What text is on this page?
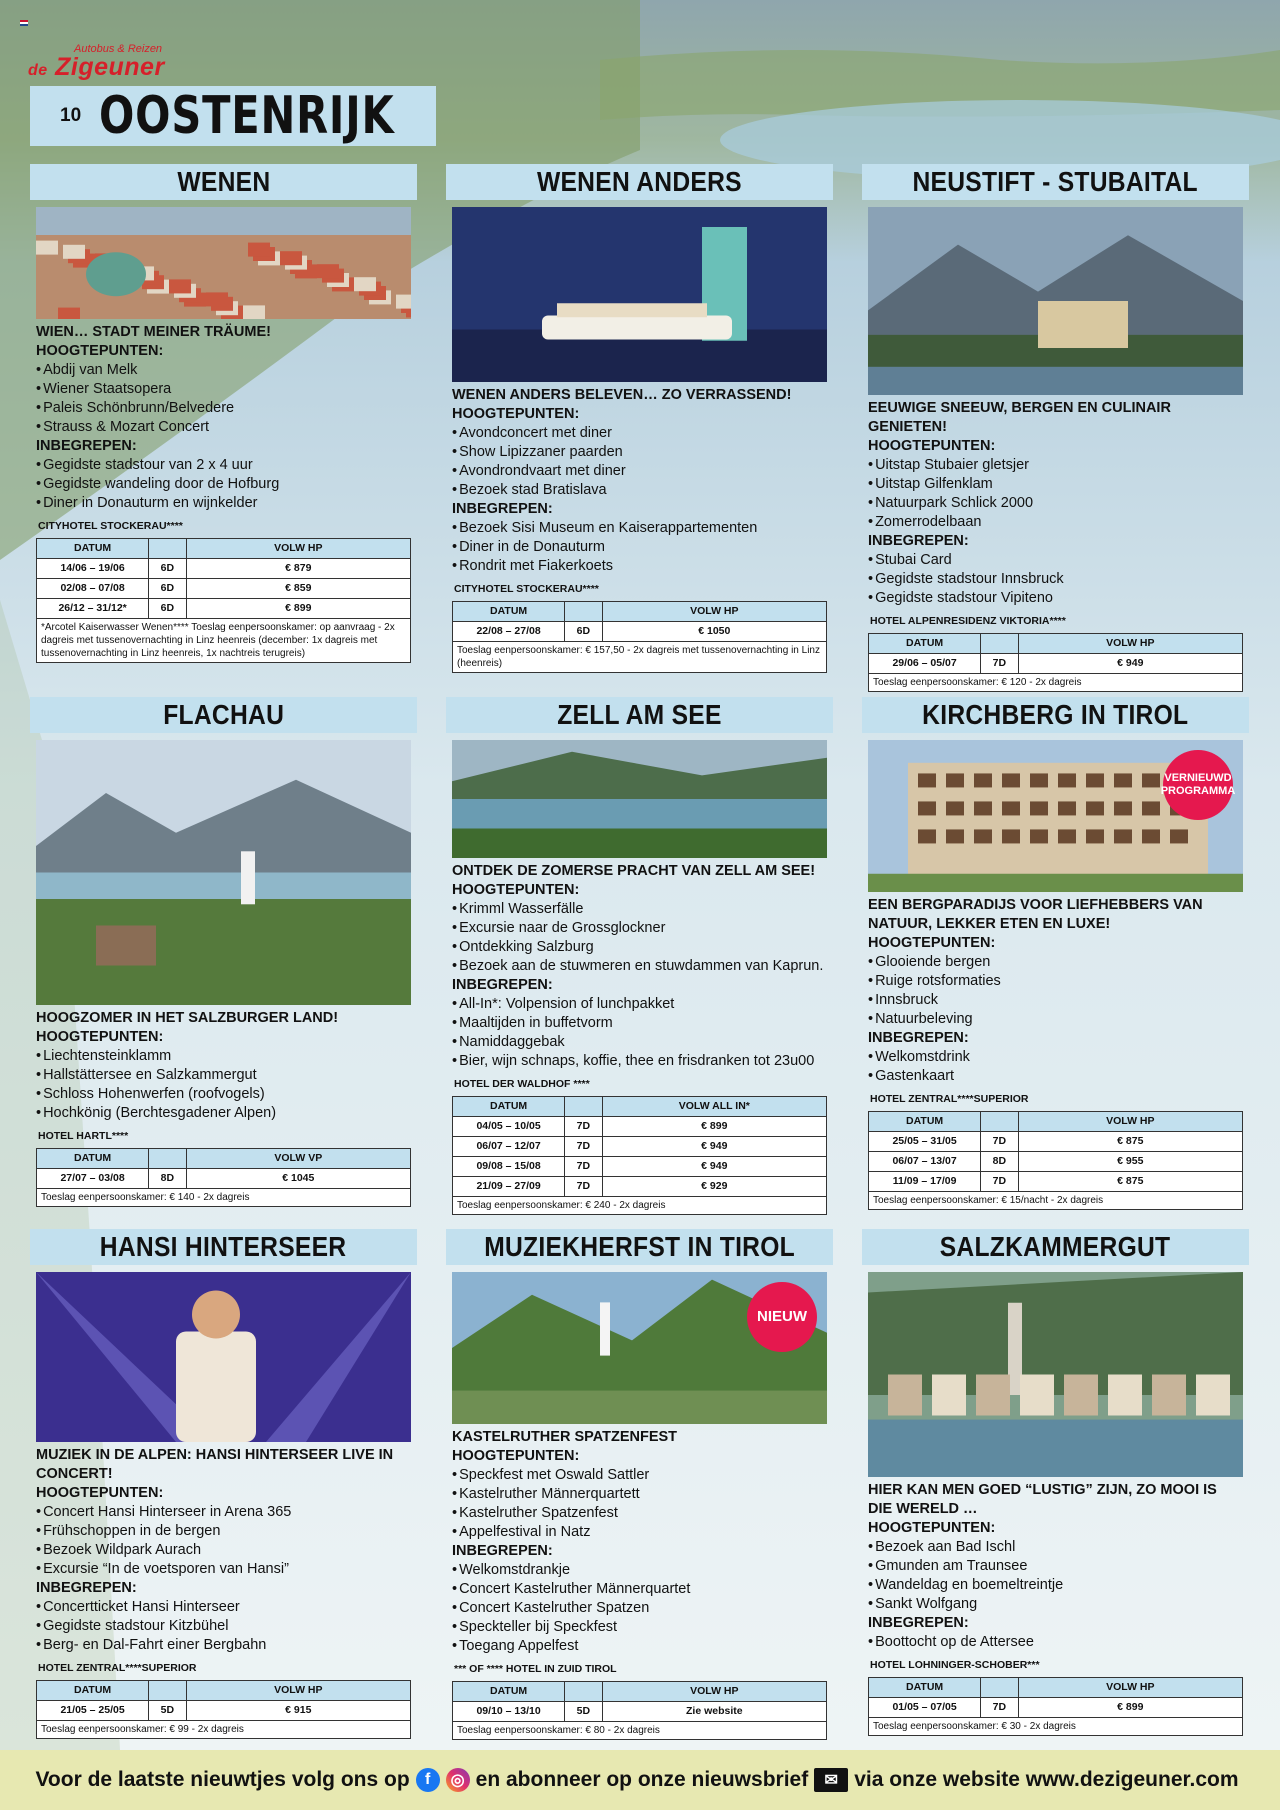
Autobus & Reizen
de Zigeuner
10 OOSTENRIJK
WENEN
WIEN… STADT MEINER TRÄUME!
HOOGTEPUNTEN:
• Abdij van Melk
• Wiener Staatsopera
• Paleis Schönbrunn/Belvedere
• Strauss & Mozart Concert
INBEGREPEN:
• Gegidste stadstour van 2 x 4 uur
• Gegidste wandeling door de Hofburg
• Diner in Donauturm en wijnkelder
CITYHOTEL STOCKERAU****
DATUM		VOLW HP
14/06 – 19/06	6D	€ 879
02/08 – 07/08	6D	€ 859
26/12 – 31/12*	6D	€ 899
*Arcotel Kaiserwasser Wenen**** Toeslag eenpersoonskamer: op aanvraag - 2x dagreis met tussenovernachting in Linz heenreis (december: 1x dagreis met tussenovernachting in Linz heenreis, 1x nachtreis terugreis)
WENEN ANDERS
WENEN ANDERS BELEVEN… ZO VERRASSEND!
HOOGTEPUNTEN:
• Avondconcert met diner
• Show Lipizzaner paarden
• Avondrondvaart met diner
• Bezoek stad Bratislava
INBEGREPEN:
• Bezoek Sisi Museum en Kaiserappartementen
• Diner in de Donauturm
• Rondrit met Fiakerkoets
CITYHOTEL STOCKERAU****
DATUM		VOLW HP
22/08 – 27/08	6D	€ 1050
Toeslag eenpersoonskamer: € 157,50 - 2x dagreis met tussenovernachting in Linz (heenreis)
NEUSTIFT - STUBAITAL
EEUWIGE SNEEUW, BERGEN EN CULINAIR GENIETEN!
HOOGTEPUNTEN:
• Uitstap Stubaier gletsjer
• Uitstap Gilfenklam
• Natuurpark Schlick 2000
• Zomerrodelbaan
INBEGREPEN:
• Stubai Card
• Gegidste stadstour Innsbruck
• Gegidste stadstour Vipiteno
HOTEL ALPENRESIDENZ VIKTORIA****
DATUM		VOLW HP
29/06 – 05/07	7D	€ 949
Toeslag eenpersoonskamer: € 120 - 2x dagreis
FLACHAU
HOOGZOMER IN HET SALZBURGER LAND!
HOOGTEPUNTEN:
• Liechtensteinklamm
• Hallstättersee en Salzkammergut
• Schloss Hohenwerfen (roofvogels)
• Hochkönig (Berchtesgadener Alpen)
HOTEL HARTL****
DATUM		VOLW VP
27/07 – 03/08	8D	€ 1045
Toeslag eenpersoonskamer: € 140 - 2x dagreis
ZELL AM SEE
ONTDEK DE ZOMERSE PRACHT VAN ZELL AM SEE!
HOOGTEPUNTEN:
• Krimml Wasserfälle
• Excursie naar de Grossglockner
• Ontdekking Salzburg
• Bezoek aan de stuwmeren en stuwdammen van Kaprun.
INBEGREPEN:
• All-In*: Volpension of lunchpakket
• Maaltijden in buffetvorm
• Namiddaggebak
• Bier, wijn schnaps, koffie, thee en frisdranken tot 23u00
HOTEL DER WALDHOF ****
DATUM		VOLW ALL IN*
04/05 – 10/05	7D	€ 899
06/07 – 12/07	7D	€ 949
09/08 – 15/08	7D	€ 949
21/09 – 27/09	7D	€ 929
Toeslag eenpersoonskamer: € 240 - 2x dagreis
KIRCHBERG IN TIROL
VERNIEUWD PROGRAMMA
EEN BERGPARADIJS VOOR LIEFHEBBERS VAN NATUUR, LEKKER ETEN EN LUXE!
HOOGTEPUNTEN:
• Glooiende bergen
• Ruige rotsformaties
• Innsbruck
• Natuurbeleving
INBEGREPEN:
• Welkomstdrink
• Gastenkaart
HOTEL ZENTRAL****SUPERIOR
DATUM		VOLW HP
25/05 – 31/05	7D	€ 875
06/07 – 13/07	8D	€ 955
11/09 – 17/09	7D	€ 875
Toeslag eenpersoonskamer: € 15/nacht - 2x dagreis
HANSI HINTERSEER
MUZIEK IN DE ALPEN: HANSI HINTERSEER LIVE IN CONCERT!
HOOGTEPUNTEN:
• Concert Hansi Hinterseer in Arena 365
• Frühschoppen in de bergen
• Bezoek Wildpark Aurach
• Excursie “In de voetsporen van Hansi”
INBEGREPEN:
• Concertticket Hansi Hinterseer
• Gegidste stadstour Kitzbühel
• Berg- en Dal-Fahrt einer Bergbahn
HOTEL ZENTRAL****SUPERIOR
DATUM		VOLW HP
21/05 – 25/05	5D	€ 915
Toeslag eenpersoonskamer: € 99 - 2x dagreis
MUZIEKHERFST IN TIROL
NIEUW
KASTELRUTHER SPATZENFEST
HOOGTEPUNTEN:
• Speckfest met Oswald Sattler
• Kastelruther Männerquartett
• Kastelruther Spatzenfest
• Appelfestival in Natz
INBEGREPEN:
• Welkomstdrankje
• Concert Kastelruther Männerquartet
• Concert Kastelruther Spatzen
• Speckteller bij Speckfest
• Toegang Appelfest
*** OF **** HOTEL IN ZUID TIROL
DATUM		VOLW HP
09/10 – 13/10	5D	Zie website
Toeslag eenpersoonskamer: € 80 - 2x dagreis
SALZKAMMERGUT
HIER KAN MEN GOED “LUSTIG” ZIJN, ZO MOOI IS DIE WERELD …
HOOGTEPUNTEN:
• Bezoek aan Bad Ischl
• Gmunden am Traunsee
• Wandeldag en boemeltreintje
• Sankt Wolfgang
INBEGREPEN:
• Boottocht op de Attersee
HOTEL LOHNINGER-SCHOBER***
DATUM		VOLW HP
01/05 – 07/05	7D	€ 899
Toeslag eenpersoonskamer: € 30 - 2x dagreis
Voor de laatste nieuwtjes volg ons op f	◎ en abonneer op onze nieuwsbrief	✉ via onze website www.dezigeuner.com
